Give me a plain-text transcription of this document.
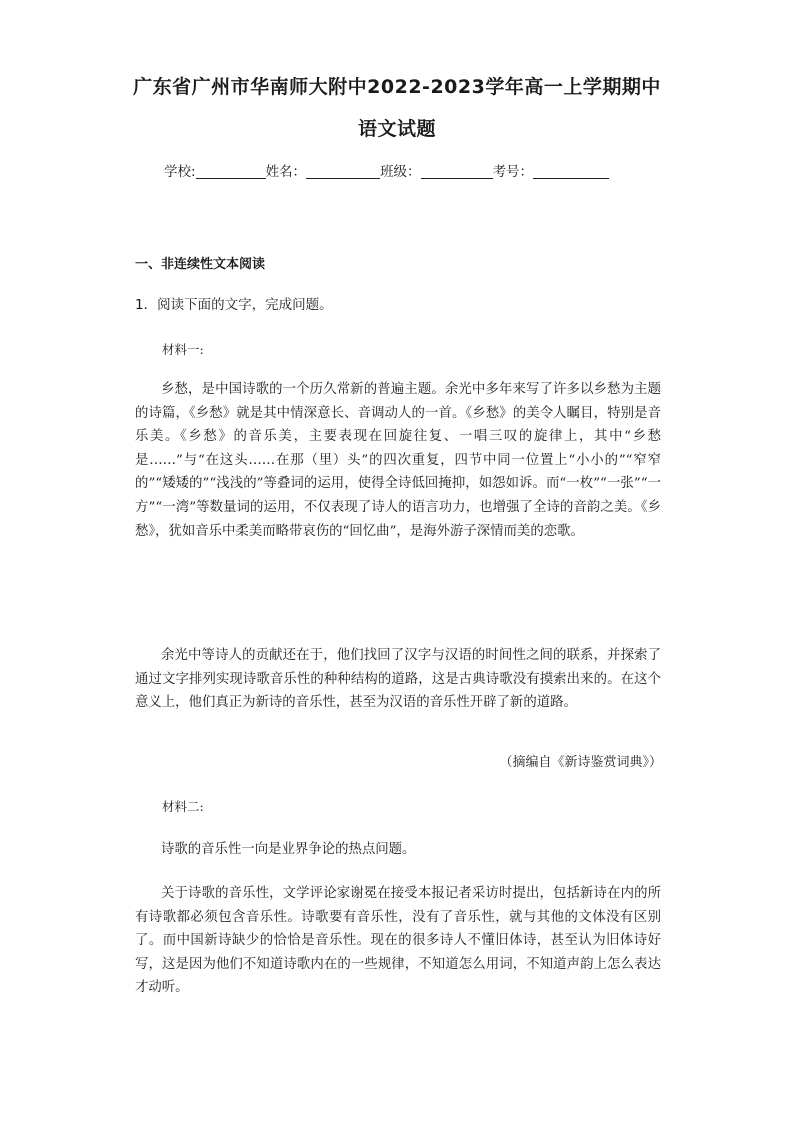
广东省广州市华南师大附中2022-2023学年高一上学期期中
语文试题
学校:	姓名：	班级：	考号：
一、非连续性文本阅读
1．阅读下面的文字，完成问题。
材料一:
乡愁，是中国诗歌的一个历久常新的普遍主题。余光中多年来写了许多以乡愁为主题的诗篇，《乡愁》就是其中情深意长、音调动人的一首。《乡愁》的美令人瞩目，特别是音乐美。《乡愁》的音乐美，主要表现在回旋往复、一唱三叹的旋律上，其中“乡愁是……”与“在这头……在那（里）头”的四次重复，四节中同一位置上“小小的”“窄窄的”“矮矮的”“浅浅的”等叠词的运用，使得全诗低回掩抑，如怨如诉。而“一枚”“一张”“一方”“一湾”等数量词的运用，不仅表现了诗人的语言功力，也增强了全诗的音韵之美。《乡愁》，犹如音乐中柔美而略带哀伤的“回忆曲”，是海外游子深情而美的恋歌。
余光中等诗人的贡献还在于，他们找回了汉字与汉语的时间性之间的联系，并探索了通过文字排列实现诗歌音乐性的种种结构的道路，这是古典诗歌没有摸索出来的。在这个意义上，他们真正为新诗的音乐性，甚至为汉语的音乐性开辟了新的道路。
（摘编自《新诗鉴赏词典》）
材料二:
诗歌的音乐性一向是业界争论的热点问题。
关于诗歌的音乐性，文学评论家谢冕在接受本报记者采访时提出，包括新诗在内的所有诗歌都必须包含音乐性。诗歌要有音乐性，没有了音乐性，就与其他的文体没有区别了。而中国新诗缺少的恰恰是音乐性。现在的很多诗人不懂旧体诗，甚至认为旧体诗好写，这是因为他们不知道诗歌内在的一些规律，不知道怎么用词，不知道声韵上怎么表达才动听。
